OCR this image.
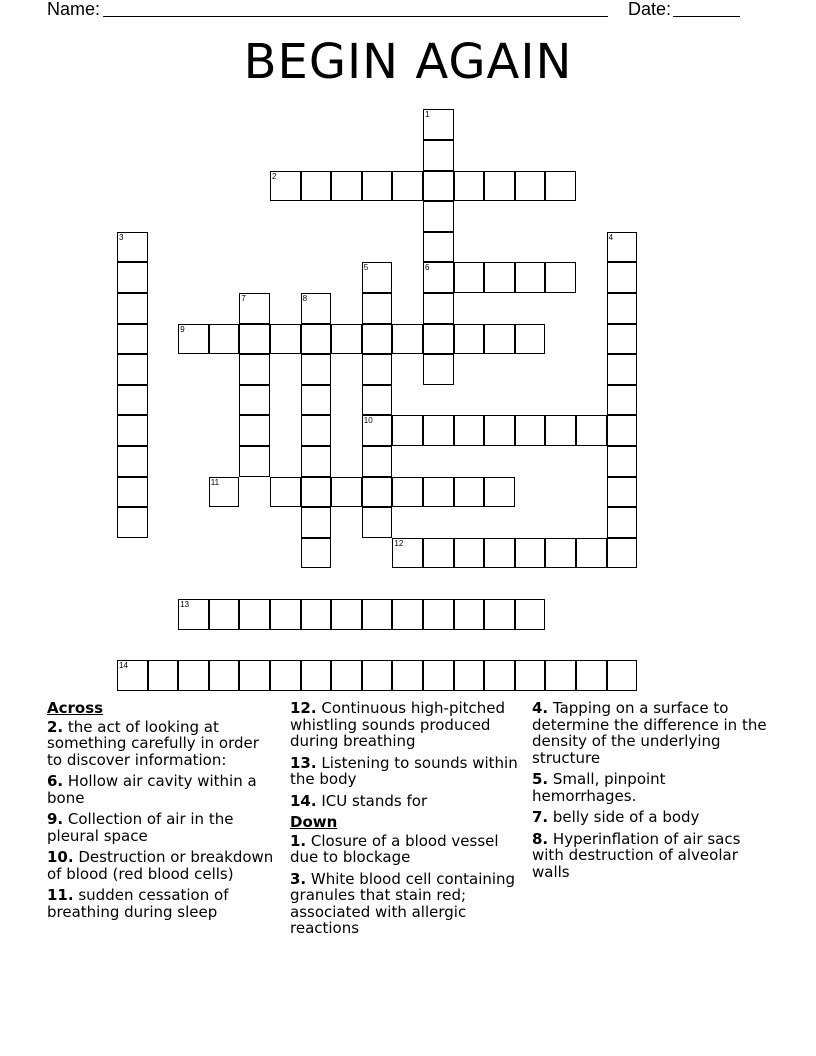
Name:	Date:
BEGIN AGAIN
1
6
2
3	4
5
10
7	8
9
11
12
13
14
Across
2. the act of looking at something carefully in order to discover information:
6. Hollow air cavity within a bone
9. Collection of air in the pleural space
10. Destruction or breakdown of blood (red blood cells)
11. sudden cessation of breathing during sleep
12. Continuous high-pitched whistling sounds produced during breathing
13. Listening to sounds within the body
14. ICU stands for
Down
1. Closure of a blood vessel due to blockage
3. White blood cell containing granules that stain red; associated with allergic reactions
4. Tapping on a surface to determine the difference in the density of the underlying structure
5. Small, pinpoint hemorrhages.
7. belly side of a body
8. Hyperinflation of air sacs with destruction of alveolar walls
